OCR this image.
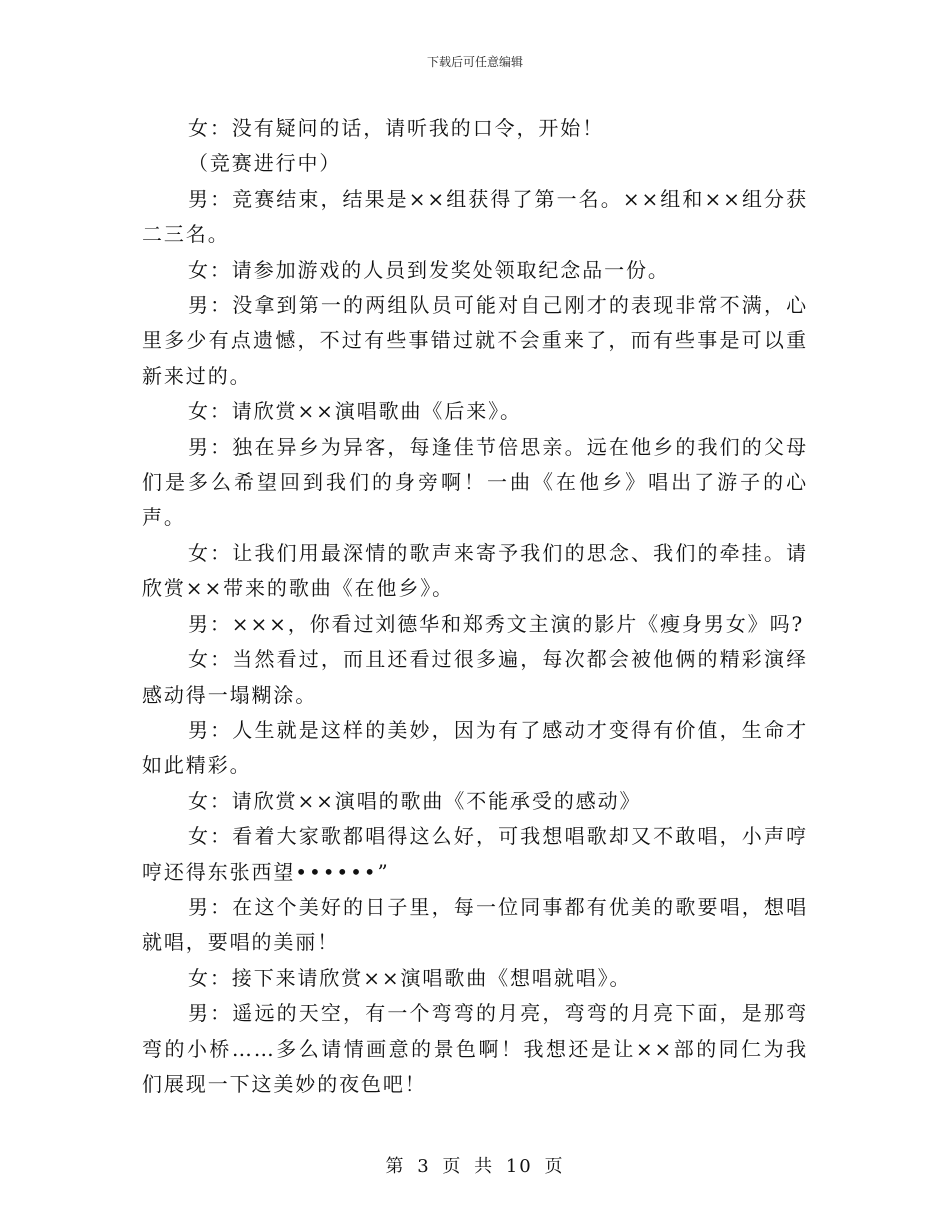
下载后可任意编辑

女：没有疑问的话，请听我的口令，开始！

（竞赛进行中）

男：竞赛结束，结果是××组获得了第一名。××组和××组分获二三名。

女：请参加游戏的人员到发奖处领取纪念品一份。

男：没拿到第一的两组队员可能对自己刚才的表现非常不满，心里多少有点遗憾，不过有些事错过就不会重来了，而有些事是可以重新来过的。

女：请欣赏××演唱歌曲《后来》。

男：独在异乡为异客，每逢佳节倍思亲。远在他乡的我们的父母们是多么希望回到我们的身旁啊！一曲《在他乡》唱出了游子的心声。

女：让我们用最深情的歌声来寄予我们的思念、我们的牵挂。请欣赏××带来的歌曲《在他乡》。

男：×××，你看过刘德华和郑秀文主演的影片《瘦身男女》吗?

女：当然看过，而且还看过很多遍，每次都会被他俩的精彩演绎感动得一塌糊涂。

男：人生就是这样的美妙，因为有了感动才变得有价值，生命才如此精彩。

女：请欣赏××演唱的歌曲《不能承受的感动》

女：看着大家歌都唱得这么好，可我想唱歌却又不敢唱，小声哼哼还得东张西望••••••”

男：在这个美好的日子里，每一位同事都有优美的歌要唱，想唱就唱，要唱的美丽！

女：接下来请欣赏××演唱歌曲《想唱就唱》。

男：遥远的天空，有一个弯弯的月亮，弯弯的月亮下面，是那弯弯的小桥……多么请情画意的景色啊！我想还是让××部的同仁为我们展现一下这美妙的夜色吧！

第 3 页 共 10 页
